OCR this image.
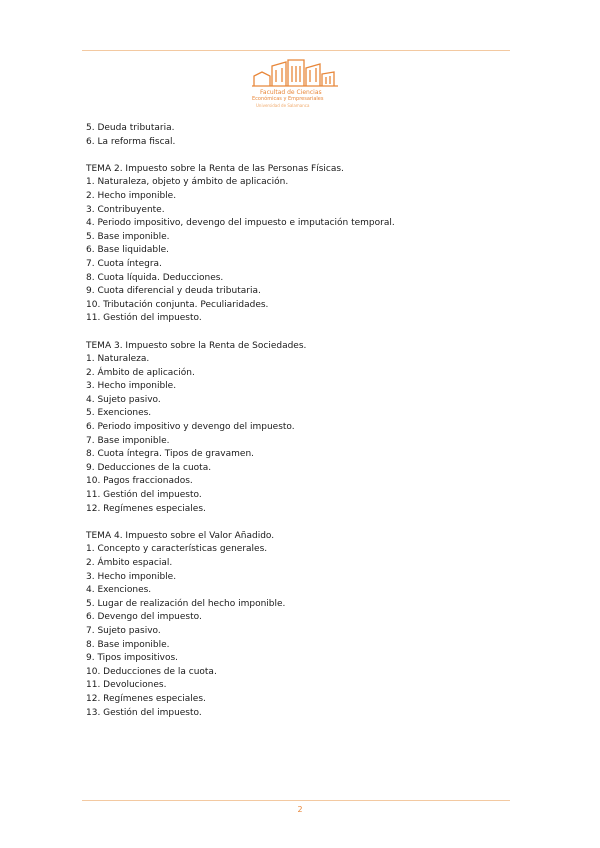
Facultad de Ciencias
Económicas y Empresariales
Universidad de Salamanca
5. Deuda tributaria.
6. La reforma fiscal.
TEMA 2. Impuesto sobre la Renta de las Personas Físicas.
1. Naturaleza, objeto y ámbito de aplicación.
2. Hecho imponible.
3. Contribuyente.
4. Periodo impositivo, devengo del impuesto e imputación temporal.
5. Base imponible.
6. Base liquidable.
7. Cuota íntegra.
8. Cuota líquida. Deducciones.
9. Cuota diferencial y deuda tributaria.
10. Tributación conjunta. Peculiaridades.
11. Gestión del impuesto.
TEMA 3. Impuesto sobre la Renta de Sociedades.
1. Naturaleza.
2. Ámbito de aplicación.
3. Hecho imponible.
4. Sujeto pasivo.
5. Exenciones.
6. Periodo impositivo y devengo del impuesto.
7. Base imponible.
8. Cuota íntegra. Tipos de gravamen.
9. Deducciones de la cuota.
10. Pagos fraccionados.
11. Gestión del impuesto.
12. Regímenes especiales.
TEMA 4. Impuesto sobre el Valor Añadido.
1. Concepto y características generales.
2. Ámbito espacial.
3. Hecho imponible.
4. Exenciones.
5. Lugar de realización del hecho imponible.
6. Devengo del impuesto.
7. Sujeto pasivo.
8. Base imponible.
9. Tipos impositivos.
10. Deducciones de la cuota.
11. Devoluciones.
12. Regímenes especiales.
13. Gestión del impuesto.
2
